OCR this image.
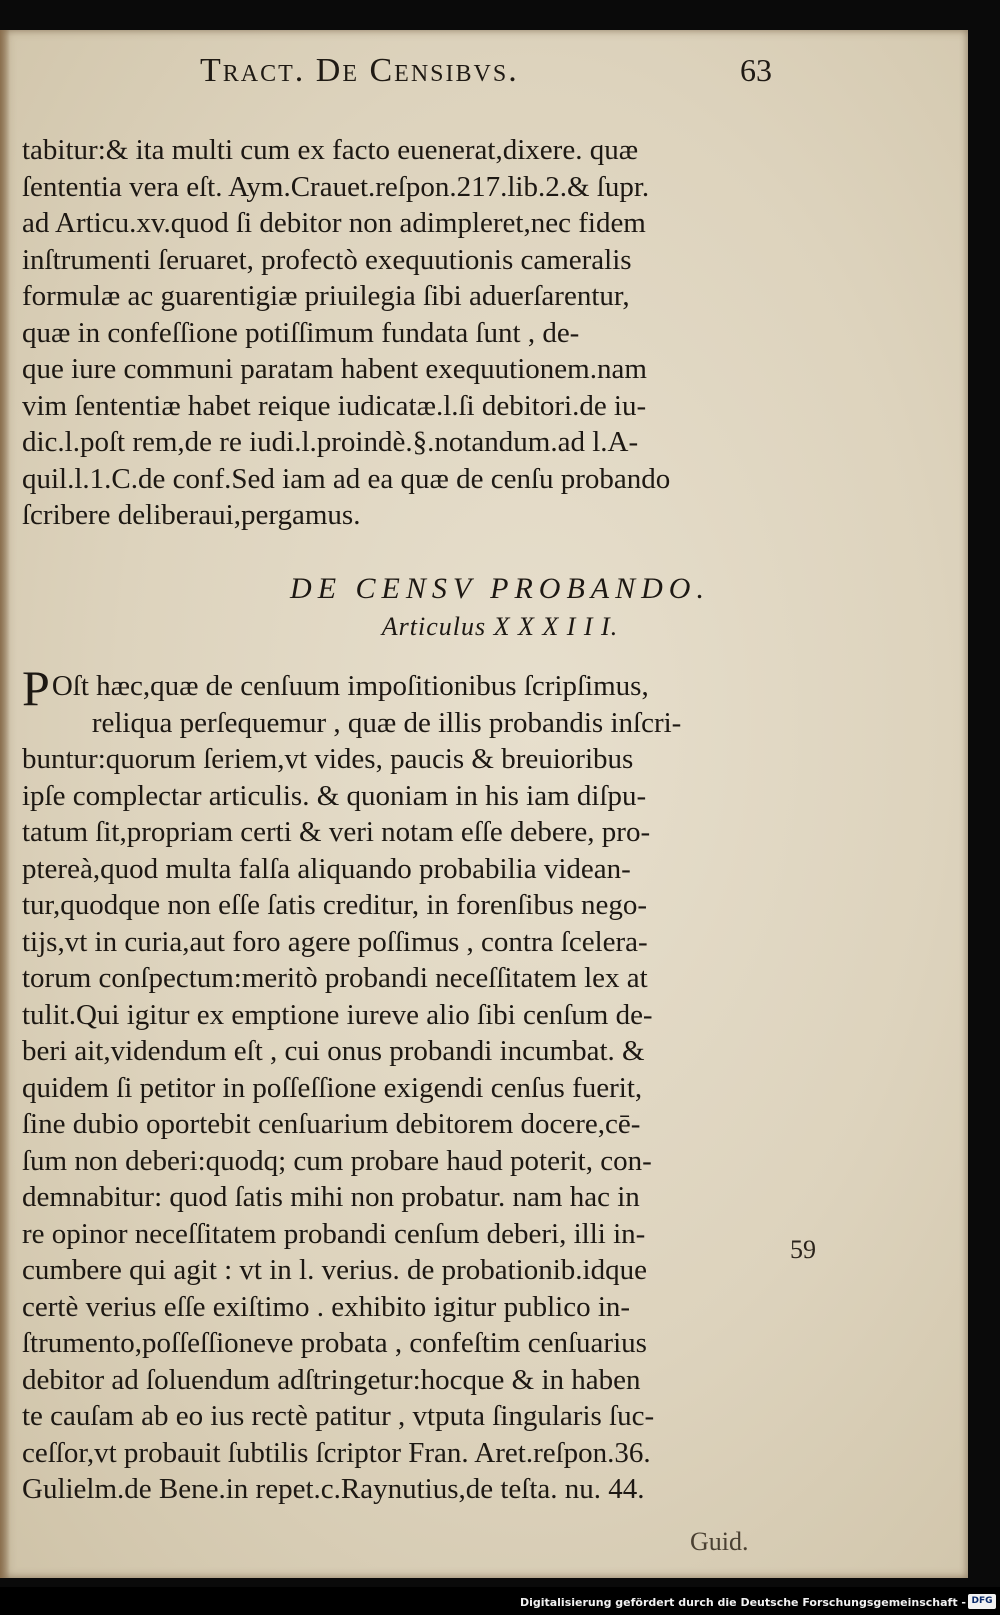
Tract. De Censibvs.	63
tabitur:& ita multi cum ex facto euenerat,dixere. quæ
ſententia vera eſt. Aym.Crauet.reſpon.217.lib.2.& ſupr.
ad Articu.xv.quod ſi debitor non adimpleret,nec fidem
inſtrumenti ſeruaret, profectò exequutionis cameralis
formulæ ac guarentigiæ priuilegia ſibi aduerſarentur,
quæ in confeſſione potiſſimum fundata ſunt , de-
que iure communi paratam habent exequutionem.nam
vim ſententiæ habet reique iudicatæ.l.ſi debitori.de iu-
dic.l.poſt rem,de re iudi.l.proindè.§.notandum.ad l.A-
quil.l.1.C.de conf.Sed iam ad ea quæ de cenſu probando
ſcribere deliberaui,pergamus.
DE CENSV PROBANDO.
Articulus X X X I I I.
P Oſt hæc,quæ de cenſuum impoſitionibus ſcripſimus,
reliqua perſequemur , quæ de illis probandis inſcri-
buntur:quorum ſeriem,vt vides, paucis & breuioribus
ipſe complectar articulis. & quoniam in his iam diſpu-
tatum ſit,propriam certi & veri notam eſſe debere, pro-
ptereà,quod multa falſa aliquando probabilia videan-
tur,quodque non eſſe ſatis creditur, in forenſibus nego-
tijs,vt in curia,aut foro agere poſſimus , contra ſcelera-
torum conſpectum:meritò probandi neceſſitatem lex at
tulit.Qui igitur ex emptione iureve alio ſibi cenſum de-
beri ait,videndum eſt , cui onus probandi incumbat. &
quidem ſi petitor in poſſeſſione exigendi cenſus fuerit,
ſine dubio oportebit cenſuarium debitorem docere,cē-
ſum non deberi:quodq; cum probare haud poterit, con-
demnabitur: quod ſatis mihi non probatur. nam hac in
re opinor neceſſitatem probandi cenſum deberi, illi in-
cumbere qui agit : vt in l. verius. de probationib.idque
certè verius eſſe exiſtimo . exhibito igitur publico in-
ſtrumento,poſſeſſioneve probata , confeſtim cenſuarius
debitor ad ſoluendum adſtringetur:hocque & in haben
te cauſam ab eo ius rectè patitur , vtputa ſingularis ſuc-
ceſſor,vt probauit ſubtilis ſcriptor Fran. Aret.reſpon.36.
Gulielm.de Bene.in repet.c.Raynutius,de teſta. nu. 44.
59
Guid.
Digitalisierung gefördert durch die Deutsche Forschungsgemeinschaft - DFG
